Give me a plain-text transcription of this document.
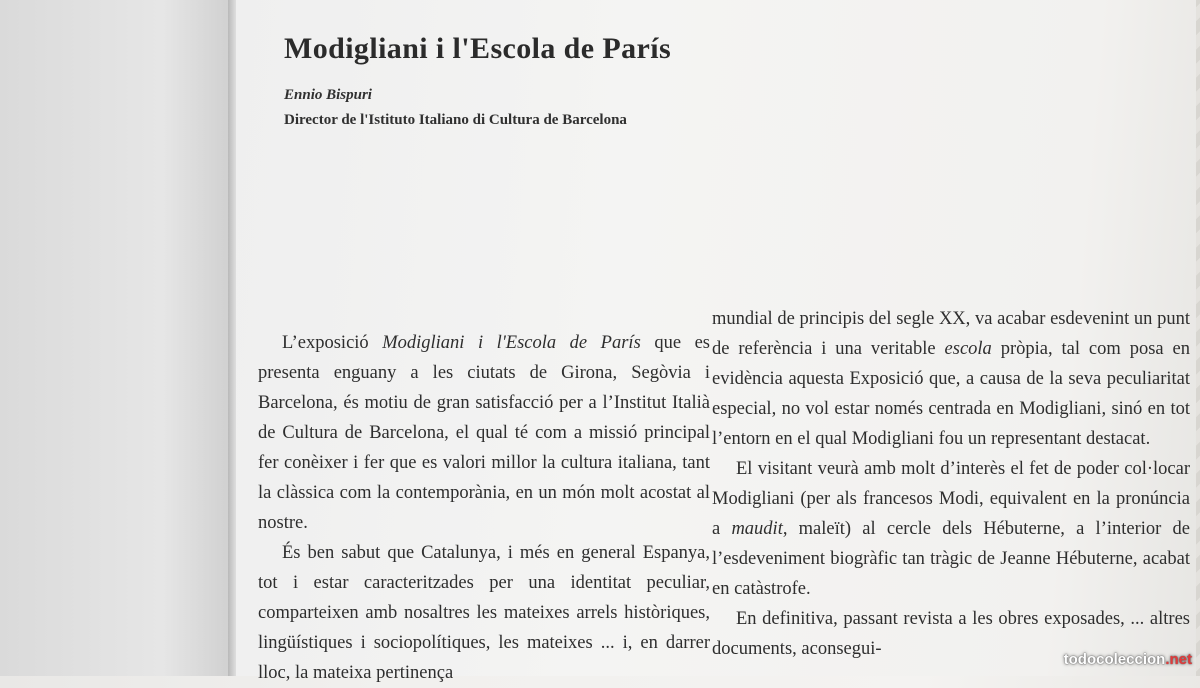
Modigliani i l'Escola de París
Ennio Bispuri
Director de l'Istituto Italiano di Cultura de Barcelona

L’exposició Modigliani i l'Escola de París que es presenta enguany a les ciutats de Girona, Segòvia i Barcelona, és motiu de gran satisfacció per a l’Institut Italià de Cultura de Barcelona, el qual té com a missió principal fer conèixer i fer que es valori millor la cultura italiana, tant la clàssica com la contemporània, en un món molt acostat al nostre.

És ben sabut que Catalunya, i més en general Espanya, tot i estar caracteritzades per una identitat peculiar, comparteixen amb nosaltres les mateixes arrels històriques, lingüístiques i sociopolítiques, les mateixes ... i, en darrer lloc, la mateixa pertinença

mundial de principis del segle XX, va acabar esdevenint un punt de referència i una veritable escola pròpia, tal com posa en evidència aquesta Exposició que, a causa de la seva peculiaritat especial, no vol estar només centrada en Modigliani, sinó en tot l’entorn en el qual Modigliani fou un representant destacat.

El visitant veurà amb molt d’interès el fet de poder col·locar Modigliani (per als francesos Modi, equivalent en la pronúncia a maudit, maleït) al cercle dels Hébuterne, a l’interior de l’esdeveniment biogràfic tan tràgic de Jeanne Hébuterne, acabat en catàstrofe.

En definitiva, passant revista a les obres exposades, ... altres documents, aconsegui-

todocoleccion.net
